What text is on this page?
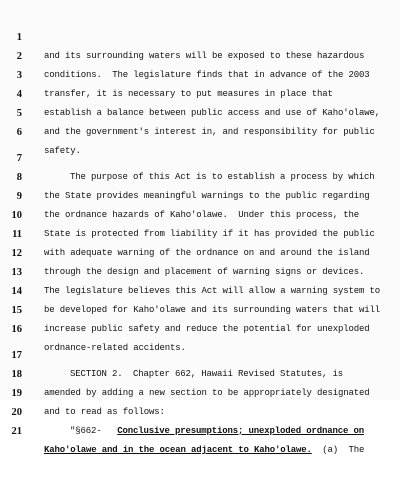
1

and its surrounding waters will be exposed to these hazardous

2

conditions.  The legislature finds that in advance of the 2003

3

transfer, it is necessary to put measures in place that

4

establish a balance between public access and use of Kaho'olawe,

5

and the government's interest in, and responsibility for public

6

safety.

7

The purpose of this Act is to establish a process by which

8

the State provides meaningful warnings to the public regarding

9

the ordnance hazards of Kaho'olawe.  Under this process, the

10

State is protected from liability if it has provided the public

11

with adequate warning of the ordnance on and around the island

12

through the design and placement of warning signs or devices.

13

The legislature believes this Act will allow a warning system to

14

be developed for Kaho'olawe and its surrounding waters that will

15

increase public safety and reduce the potential for unexploded

16

ordnance-related accidents.

17

SECTION 2.  Chapter 662, Hawaii Revised Statutes, is

18

amended by adding a new section to be appropriately designated

19

and to read as follows:

20

"§662-   Conclusive presumptions; unexploded ordnance on

21

Kaho'olawe and in the ocean adjacent to Kaho'olawe.  (a)  The
